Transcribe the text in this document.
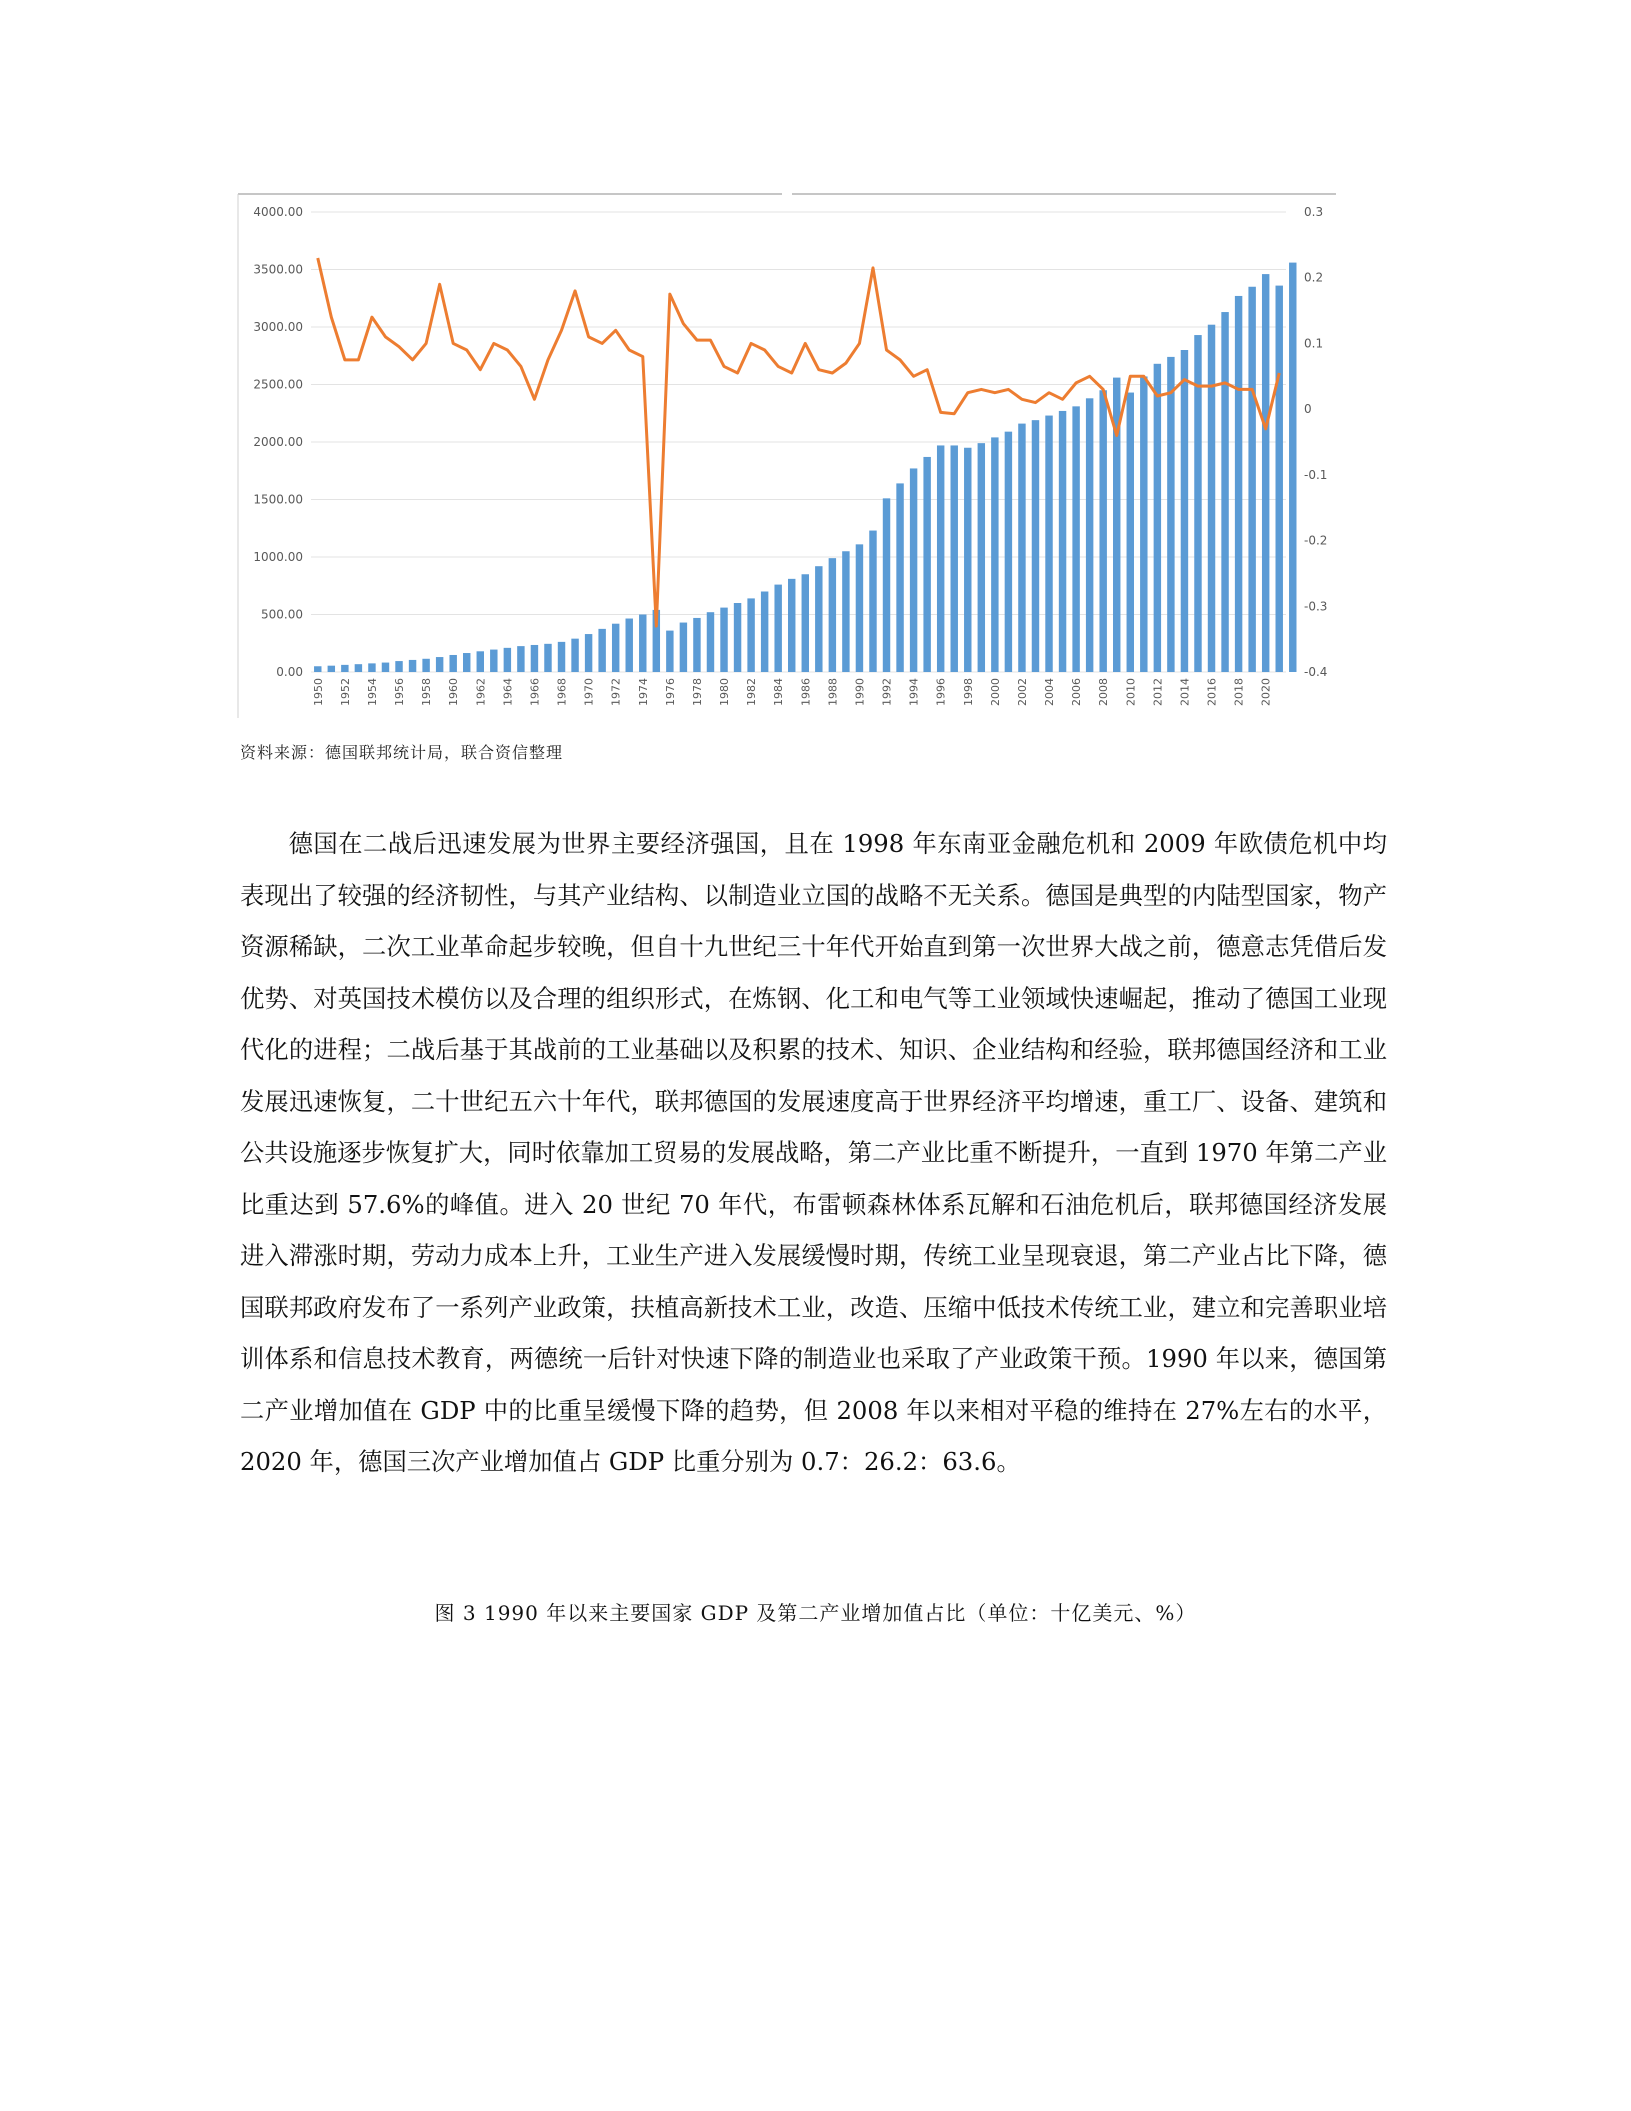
4000.00
3500.00
3000.00
2500.00
2000.00
1500.00
1000.00
500.00
0.00
0.3
0.2
0.1
0
-0.1
-0.2
-0.3
-0.4
1950 1952 1954 1956 1958 1960 1962 1964 1966 1968 1970 1972 1974 1976 1978 1980 1982 1984 1986 1988 1990 1992 1994 1996 1998 2000 2002 2004 2006 2008 2010 2012 2014 2016 2018 2020

资料来源：德国联邦统计局，联合资信整理

德国在二战后迅速发展为世界主要经济强国，且在 1998 年东南亚金融危机和 2009 年欧债危机中均表现出了较强的经济韧性，与其产业结构、以制造业立国的战略不无关系。德国是典型的内陆型国家，物产资源稀缺，二次工业革命起步较晚，但自十九世纪三十年代开始直到第一次世界大战之前，德意志凭借后发优势、对英国技术模仿以及合理的组织形式，在炼钢、化工和电气等工业领域快速崛起，推动了德国工业现代化的进程；二战后基于其战前的工业基础以及积累的技术、知识、企业结构和经验，联邦德国经济和工业发展迅速恢复，二十世纪五六十年代，联邦德国的发展速度高于世界经济平均增速，重工厂、设备、建筑和公共设施逐步恢复扩大，同时依靠加工贸易的发展战略，第二产业比重不断提升，一直到 1970 年第二产业比重达到 57.6%的峰值。进入 20 世纪 70 年代，布雷顿森林体系瓦解和石油危机后，联邦德国经济发展进入滞涨时期，劳动力成本上升，工业生产进入发展缓慢时期，传统工业呈现衰退，第二产业占比下降，德国联邦政府发布了一系列产业政策，扶植高新技术工业，改造、压缩中低技术传统工业，建立和完善职业培训体系和信息技术教育，两德统一后针对快速下降的制造业也采取了产业政策干预。1990 年以来，德国第二产业增加值在 GDP 中的比重呈缓慢下降的趋势，但 2008 年以来相对平稳的维持在 27%左右的水平，2020 年，德国三次产业增加值占 GDP 比重分别为 0.7：26.2：63.6。

图 3 1990 年以来主要国家 GDP 及第二产业增加值占比（单位：十亿美元、%）
